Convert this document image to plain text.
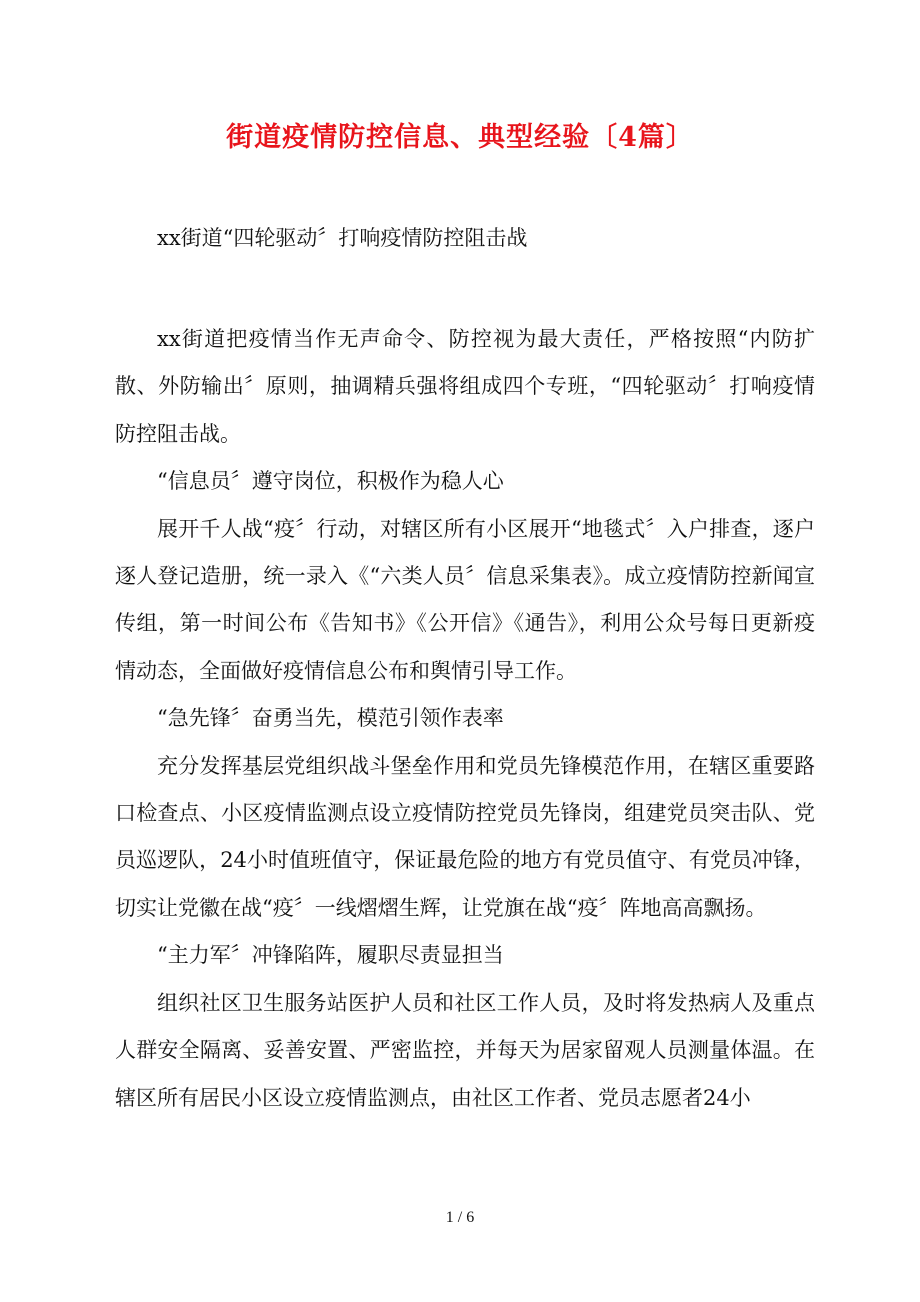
街道疫情防控信息、典型经验〔4篇〕

xx街道“四轮驱动〞打响疫情防控阻击战

xx街道把疫情当作无声命令、防控视为最大责任，严格按照“内防扩散、外防输出〞原则，抽调精兵强将组成四个专班，“四轮驱动〞打响疫情防控阻击战。

“信息员〞遵守岗位，积极作为稳人心

展开千人战“疫〞行动，对辖区所有小区展开“地毯式〞入户排查，逐户逐人登记造册，统一录入《“六类人员〞信息采集表》。成立疫情防控新闻宣传组，第一时间公布《告知书》《公开信》《通告》，利用公众号每日更新疫情动态，全面做好疫情信息公布和舆情引导工作。

“急先锋〞奋勇当先，模范引领作表率

充分发挥基层党组织战斗堡垒作用和党员先锋模范作用，在辖区重要路口检查点、小区疫情监测点设立疫情防控党员先锋岗，组建党员突击队、党员巡逻队，24小时值班值守，保证最危险的地方有党员值守、有党员冲锋，切实让党徽在战“疫〞一线熠熠生辉，让党旗在战“疫〞阵地高高飘扬。

“主力军〞冲锋陷阵，履职尽责显担当

组织社区卫生服务站医护人员和社区工作人员，及时将发热病人及重点人群安全隔离、妥善安置、严密监控，并每天为居家留观人员测量体温。在辖区所有居民小区设立疫情监测点，由社区工作者、党员志愿者24小

1 / 6
